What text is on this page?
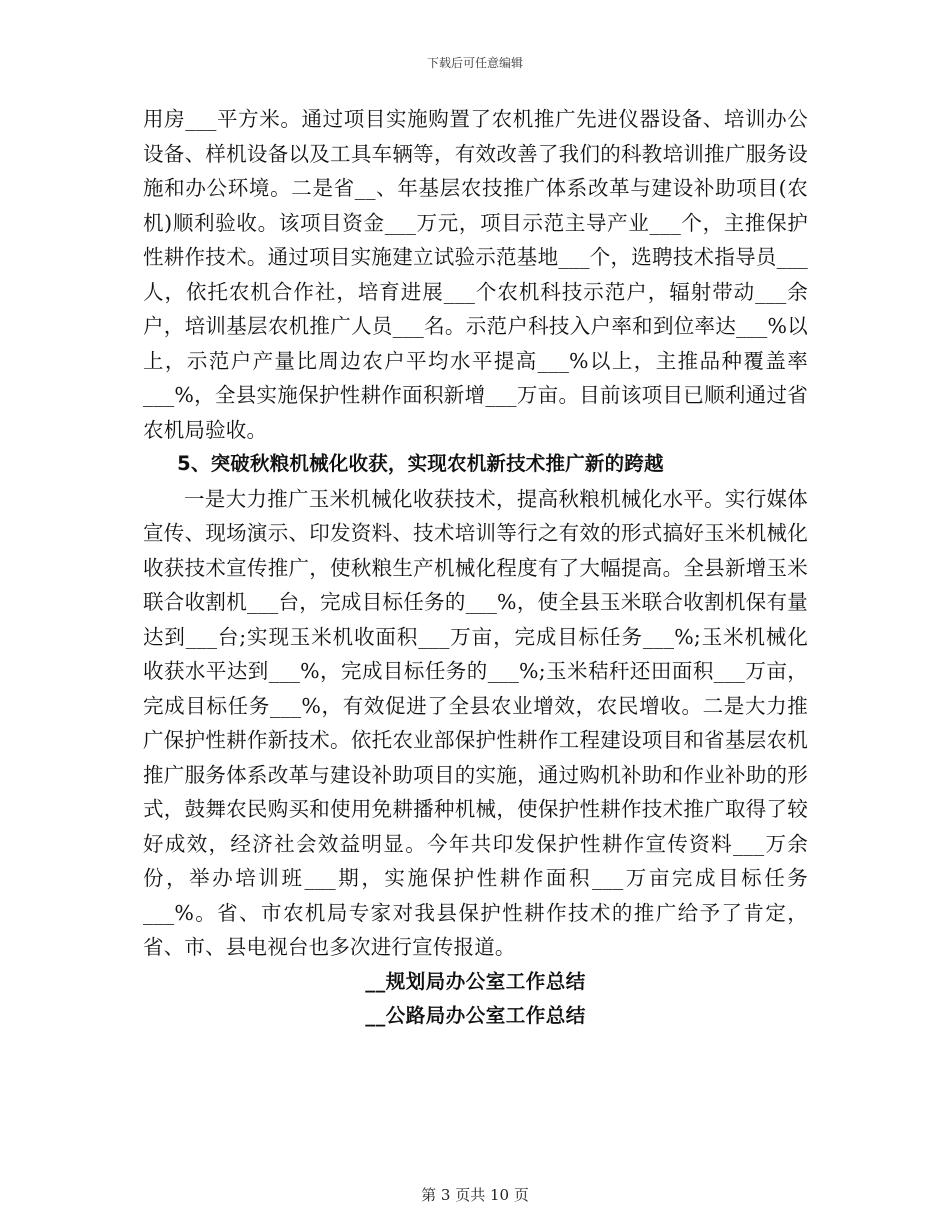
下载后可任意编辑

用房___平方米。通过项目实施购置了农机推广先进仪器设备、培训办公设备、样机设备以及工具车辆等，有效改善了我们的科教培训推广服务设施和办公环境。二是省__、年基层农技推广体系改革与建设补助项目(农机)顺利验收。该项目资金___万元，项目示范主导产业___个，主推保护性耕作技术。通过项目实施建立试验示范基地___个，选聘技术指导员___人，依托农机合作社，培育进展___个农机科技示范户，辐射带动___余户，培训基层农机推广人员___名。示范户科技入户率和到位率达___%以上，示范户产量比周边农户平均水平提高___%以上，主推品种覆盖率___%，全县实施保护性耕作面积新增___万亩。目前该项目已顺利通过省农机局验收。

5、突破秋粮机械化收获，实现农机新技术推广新的跨越

一是大力推广玉米机械化收获技术，提高秋粮机械化水平。实行媒体宣传、现场演示、印发资料、技术培训等行之有效的形式搞好玉米机械化收获技术宣传推广，使秋粮生产机械化程度有了大幅提高。全县新增玉米联合收割机___台，完成目标任务的___%，使全县玉米联合收割机保有量达到___台;实现玉米机收面积___万亩，完成目标任务___%;玉米机械化收获水平达到___%，完成目标任务的___%;玉米秸秆还田面积___万亩，完成目标任务___%，有效促进了全县农业增效，农民增收。二是大力推广保护性耕作新技术。依托农业部保护性耕作工程建设项目和省基层农机推广服务体系改革与建设补助项目的实施，通过购机补助和作业补助的形式，鼓舞农民购买和使用免耕播种机械，使保护性耕作技术推广取得了较好成效，经济社会效益明显。今年共印发保护性耕作宣传资料___万余份，举办培训班___期，实施保护性耕作面积___万亩完成目标任务___%。省、市农机局专家对我县保护性耕作技术的推广给予了肯定，省、市、县电视台也多次进行宣传报道。

__规划局办公室工作总结

__公路局办公室工作总结

第 3 页共 10 页
